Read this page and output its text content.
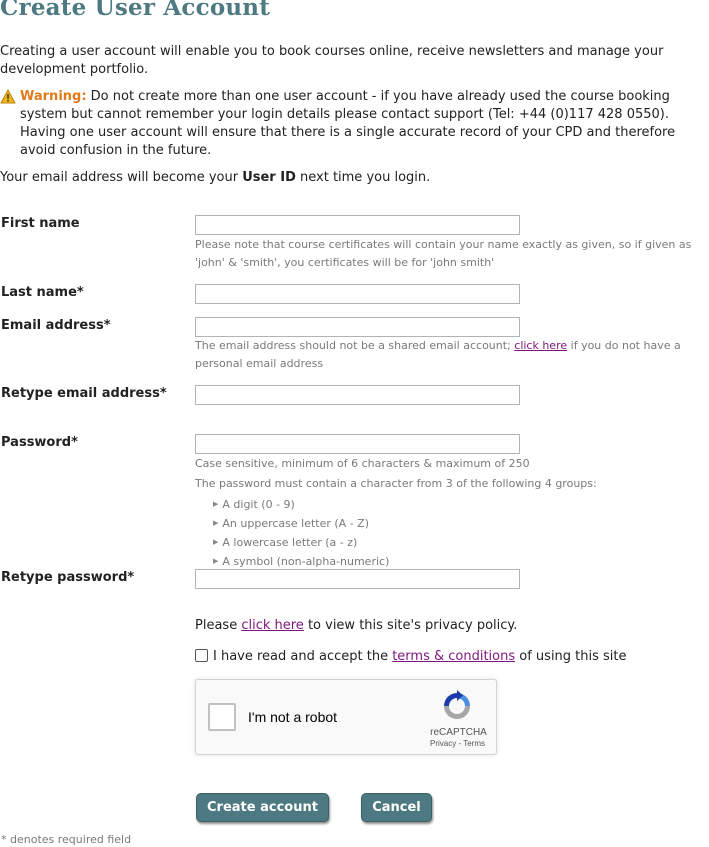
Create User Account
Creating a user account will enable you to book courses online, receive newsletters and manage your development portfolio.
Warning: Do not create more than one user account - if you have already used the course booking system but cannot remember your login details please contact support (Tel: +44 (0)117 428 0550). Having one user account will ensure that there is a single accurate record of your CPD and therefore avoid confusion in the future.
Your email address will become your User ID next time you login.
First name
Please note that course certificates will contain your name exactly as given, so if given as
'john' & 'smith', you certificates will be for 'john smith'
Last name*
Email address*
The email address should not be a shared email account; click here if you do not have a
personal email address
Retype email address*
Password*
Case sensitive, minimum of 6 characters & maximum of 250
The password must contain a character from 3 of the following 4 groups:
▶ A digit (0 - 9)
▶ An uppercase letter (A - Z)
▶ A lowercase letter (a - z)
▶ A symbol (non-alpha-numeric)
Retype password*
Please click here to view this site's privacy policy.
I have read and accept the terms & conditions of using this site
I'm not a robot
reCAPTCHA
Privacy - Terms
Create account	Cancel
* denotes required field
